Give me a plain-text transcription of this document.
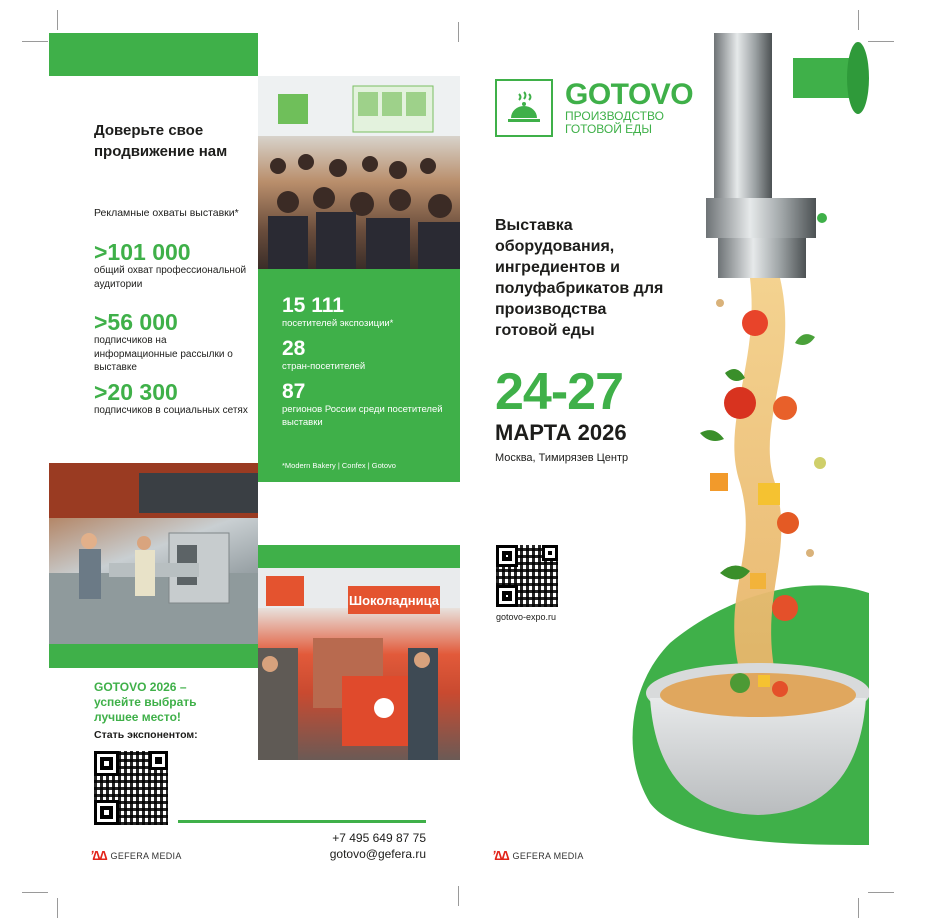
Доверьте свое продвижение нам
Рекламные охваты выставки*
>101 000
общий охват профессиональной аудитории
>56 000
подписчиков на информационные рассылки о выставке
>20 300
подписчиков в социальных сетях
15 111
посетителей экспозиции*
28
стран-посетителей
87
регионов России среди посетителей выставки
*Modern Bakery | Confex | Gotovo
Шоколадница
GOTOVO 2026 – успейте выбрать лучшее место!
Стать экспонентом:
+7 495 649 87 75
gotovo@gefera.ru
ʼ∆∆ GEFERA MEDIA
GOTOVO
ПРОИЗВОДСТВО
ГОТОВОЙ ЕДЫ
Выставка оборудования, ингредиентов и полуфабрикатов для производства готовой еды
24-27
МАРТА 2026
Москва, Тимирязев Центр
gotovo-expo.ru
ʼ∆∆ GEFERA MEDIA
